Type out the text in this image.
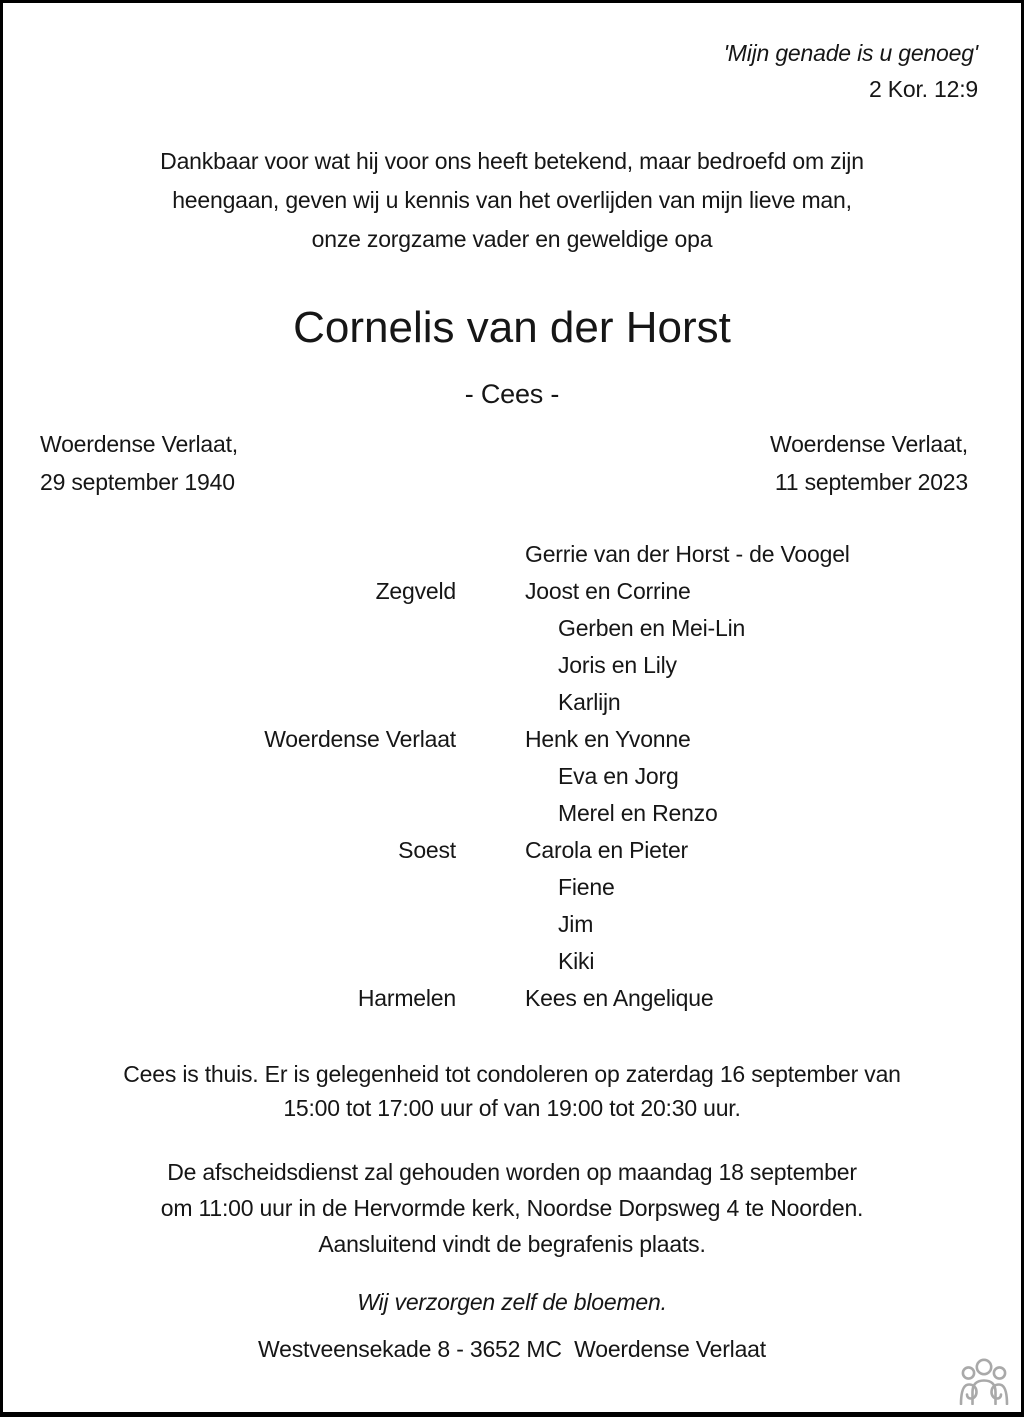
'Mijn genade is u genoeg'
2 Kor. 12:9
Dankbaar voor wat hij voor ons heeft betekend, maar bedroefd om zijn
heengaan, geven wij u kennis van het overlijden van mijn lieve man,
onze zorgzame vader en geweldige opa
Cornelis van der Horst
- Cees -
Woerdense Verlaat,
29 september 1940
Woerdense Verlaat,
11 september 2023
Gerrie van der Horst - de Voogel
Zegveld	Joost en Corrine
Gerben en Mei-Lin
Joris en Lily
Karlijn
Woerdense Verlaat	Henk en Yvonne
Eva en Jorg
Merel en Renzo
Soest	Carola en Pieter
Fiene
Jim
Kiki
Harmelen	Kees en Angelique
Cees is thuis. Er is gelegenheid tot condoleren op zaterdag 16 september van
15:00 tot 17:00 uur of van 19:00 tot 20:30 uur.
De afscheidsdienst zal gehouden worden op maandag 18 september
om 11:00 uur in de Hervormde kerk, Noordse Dorpsweg 4 te Noorden.
Aansluitend vindt de begrafenis plaats.
Wij verzorgen zelf de bloemen.
Westveensekade 8 - 3652 MC  Woerdense Verlaat
